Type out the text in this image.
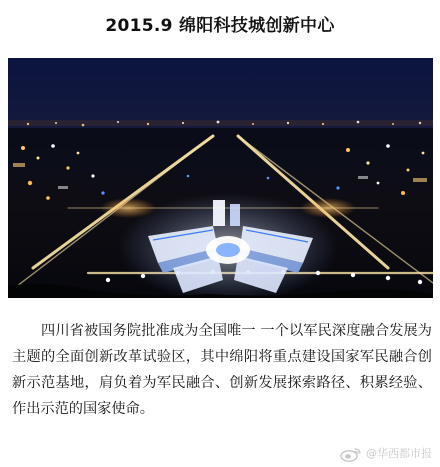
2015.9 绵阳科技城创新中心

四川省被国务院批准成为全国唯一 一个以军民深度融合发展为主题的全面创新改革试验区，其中绵阳将重点建设国家军民融合创新示范基地，肩负着为军民融合、创新发展探索路径、积累经验、作出示范的国家使命。

@华西都市报
